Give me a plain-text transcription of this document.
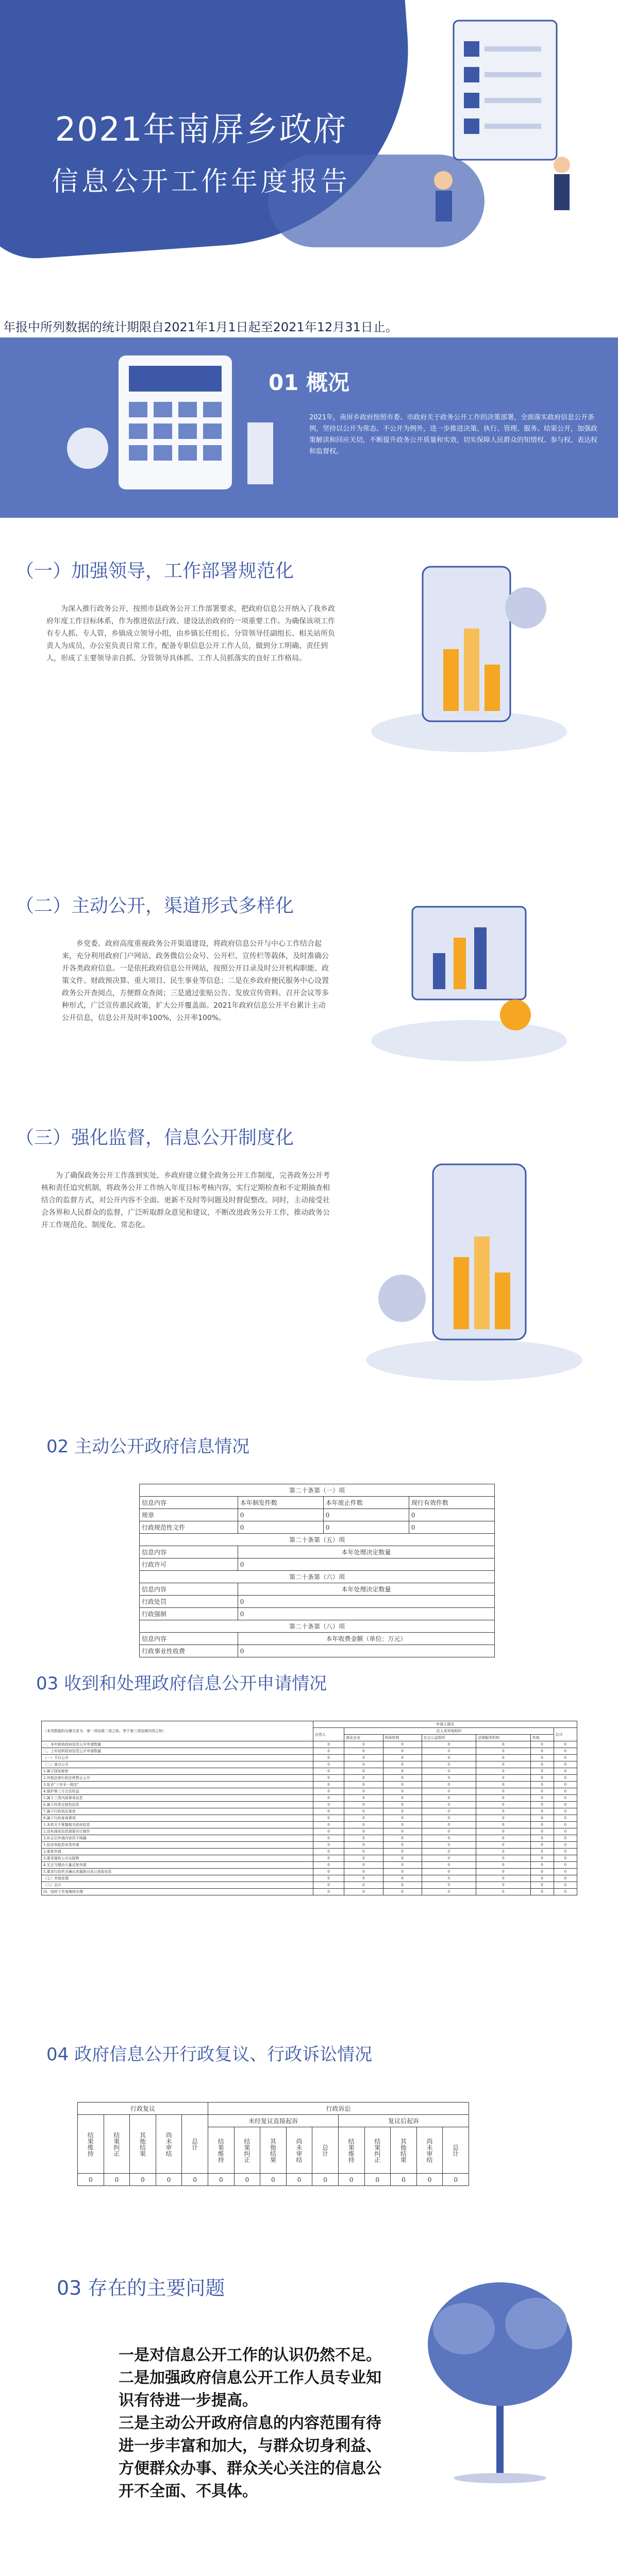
2021年南屏乡政府
信息公开工作年度报告
年报中所列数据的统计期限自2021年1月1日起至2021年12月31日止。
01 概况
2021年，南屏乡政府按照市委、市政府关于政务公开工作的决策部署，全面落实政府信息公开条例，坚持以公开为常态、不公开为例外，进一步推进决策、执行、管理、服务、结果公开，加强政策解读和回应关切，不断提升政务公开质量和实效，切实保障人民群众的知情权、参与权、表达权和监督权。
（一）加强领导，工作部署规范化
为深入推行政务公开，按照市县政务公开工作部署要求，把政府信息公开纳入了我乡政府年度工作目标体系，作为推进依法行政、建设法治政府的一项重要工作。为确保该项工作有专人抓、专人管，乡镇成立领导小组，由乡镇长任组长、分管领导任副组长、相关站所负责人为成员，办公室负责日常工作，配备专职信息公开工作人员，做到分工明确、责任到人，形成了主要领导亲自抓、分管领导具体抓、工作人员抓落实的良好工作格局。
（二）主动公开，渠道形式多样化
乡党委、政府高度重视政务公开渠道建设，将政府信息公开与中心工作结合起来，充分利用政府门户网站、政务微信公众号、公开栏、宣传栏等载体，及时准确公开各类政府信息。一是依托政府信息公开网站，按照公开目录及时公开机构职能、政策文件、财政预决算、重大项目、民生事业等信息；二是在乡政府便民服务中心设置政务公开查阅点，方便群众查阅；三是通过张贴公告、发放宣传资料、召开会议等多种形式，广泛宣传惠民政策，扩大公开覆盖面。2021年政府信息公开平台累计主动公开信息，信息公开及时率100%，公开率100%。
（三）强化监督，信息公开制度化
为了确保政务公开工作落到实处，乡政府建立健全政务公开工作制度，完善政务公开考核和责任追究机制，将政务公开工作纳入年度目标考核内容，实行定期检查和不定期抽查相结合的监督方式，对公开内容不全面、更新不及时等问题及时督促整改。同时，主动接受社会各界和人民群众的监督，广泛听取群众意见和建议，不断改进政务公开工作，推动政务公开工作规范化、制度化、常态化。
02 主动公开政府信息情况
第二十条第（一）项			
信息内容	本年制发件数	本年废止件数	现行有效件数
规章	0	0	0
行政规范性文件	0	0	0
第二十条第（五）项			
信息内容	本年处理决定数量		
行政许可	0		
第二十条第（六）项			
信息内容	本年处理决定数量		
行政处罚	0		
行政强制	0		
第二十条第（八）项			
信息内容	本年收费金额（单位：万元）		
行政事业性收费	0		
03 收到和处理政府信息公开申请情况
（本列数据的勾稽关系为：第一项加第二项之和，等于第三项加第四项之和）	申请人情况						
	自然人	法人或其他组织					总计
		商业企业	科研机构	社会公益组织	法律服务机构	其他	
一、本年新收政府信息公开申请数量	0	0	0	0	0	0	0
二、上年结转政府信息公开申请数量	0	0	0	0	0	0	0
（一）予以公开	0	0	0	0	0	0	0
（二）部分公开	0	0	0	0	0	0	0
1.属于国家秘密	0	0	0	0	0	0	0
2.其他法律行政法规禁止公开	0	0	0	0	0	0	0
3.危及"三安全一稳定"	0	0	0	0	0	0	0
4.保护第三方合法权益	0	0	0	0	0	0	0
5.属于三类内部事务信息	0	0	0	0	0	0	0
6.属于四类过程性信息	0	0	0	0	0	0	0
7.属于行政执法案卷	0	0	0	0	0	0	0
8.属于行政查询事项	0	0	0	0	0	0	0
1.本机关不掌握相关政府信息	0	0	0	0	0	0	0
2.没有现成信息需要另行制作	0	0	0	0	0	0	0
3.补正后申请内容仍不明确	0	0	0	0	0	0	0
1.信访举报投诉类申请	0	0	0	0	0	0	0
2.重复申请	0	0	0	0	0	0	0
3.要求提供公开出版物	0	0	0	0	0	0	0
4.无正当理由大量反复申请	0	0	0	0	0	0	0
5.要求行政机关确认或重新出具已获取信息	0	0	0	0	0	0	0
（七）其他处理	0	0	0	0	0	0	0
（八）总计	0	0	0	0	0	0	0
四、结转下年度继续办理	0	0	0	0	0	0	0
04 政府信息公开行政复议、行政诉讼情况
行政复议					行政诉讼									
结果维持	结果纠正	其他结果	尚未审结	总计	未经复议直接起诉					复议后起诉				
					结果维持	结果纠正	其他结果	尚未审结	总计	结果维持	结果纠正	其他结果	尚未审结	总计
0	0	0	0	0	0	0	0	0	0	0	0	0	0	0
03 存在的主要问题
一是对信息公开工作的认识仍然不足。
二是加强政府信息公开工作人员专业知识有待进一步提高。
三是主动公开政府信息的内容范围有待进一步丰富和加大，与群众切身利益、方便群众办事、群众关心关注的信息公开不全面、不具体。
